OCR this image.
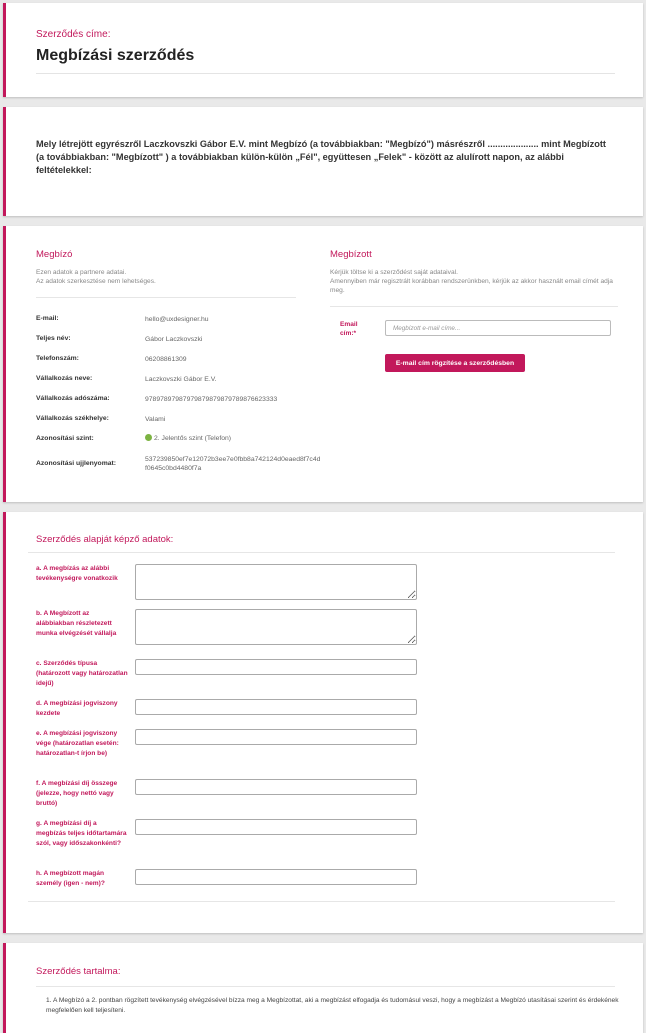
Szerződés címe:
Megbízási szerződés
Mely létrejött egyrészről Laczkovszki Gábor E.V. mint Megbízó (a továbbiakban: "Megbízó") másrészről .................... mint Megbízott (a továbbiakban: "Megbízott" ) a továbbiakban külön-külön „Fél", együttesen „Felek" - között az alulírott napon, az alábbi feltételekkel:
Megbízó
Ezen adatok a partnere adatai.
Az adatok szerkesztése nem lehetséges.
E-mail:	hello@uxdesigner.hu
Teljes név:	Gábor Laczkovszki
Telefonszám:	06208861309
Vállalkozás neve:	Laczkovszki Gábor E.V.
Vállalkozás adószáma:	97897897987979879879879789876623333
Vállalkozás székhelye:	Valami
Azonosítási szint:	2. Jelentős szint (Telefon)
Azonosítási ujjlenyomat:
537239850ef7e12072b3ee7e0fbb8a742124d0eaed8f7c4df0645c0bd4480f7a
Megbízott
Kérjük töltse ki a szerződést saját adataival.
Amennyiben már regisztrált korábban rendszerünkben, kérjük az akkor használt email címét adja meg.
Email cím:*
Megbízott e-mail címe...
E-mail cím rögzítése a szerződésben
Szerződés alapját képző adatok:
a. A megbízás az alábbi tevékenységre vonatkozik
b. A Megbízott az alábbiakban részletezett munka elvégzését vállalja
c. Szerződés típusa (határozott vagy határozatlan idejű)
d. A megbízási jogviszony kezdete
e. A megbízási jogviszony vége (határozatlan esetén: határozatlan-t írjon be)
f. A megbízási díj összege (jelezze, hogy nettó vagy bruttó)
g. A megbízási díj a megbízás teljes időtartamára szól, vagy időszakonkénti?
h. A megbízott magán személy (igen - nem)?
Szerződés tartalma:
1. A Megbízó a 2. pontban rögzített tevékenység elvégzésével bízza meg a Megbízottat, aki a megbízást elfogadja és tudomásul veszi, hogy a megbízást a Megbízó utasításai szerint és érdekének megfelelően kell teljesíteni.
